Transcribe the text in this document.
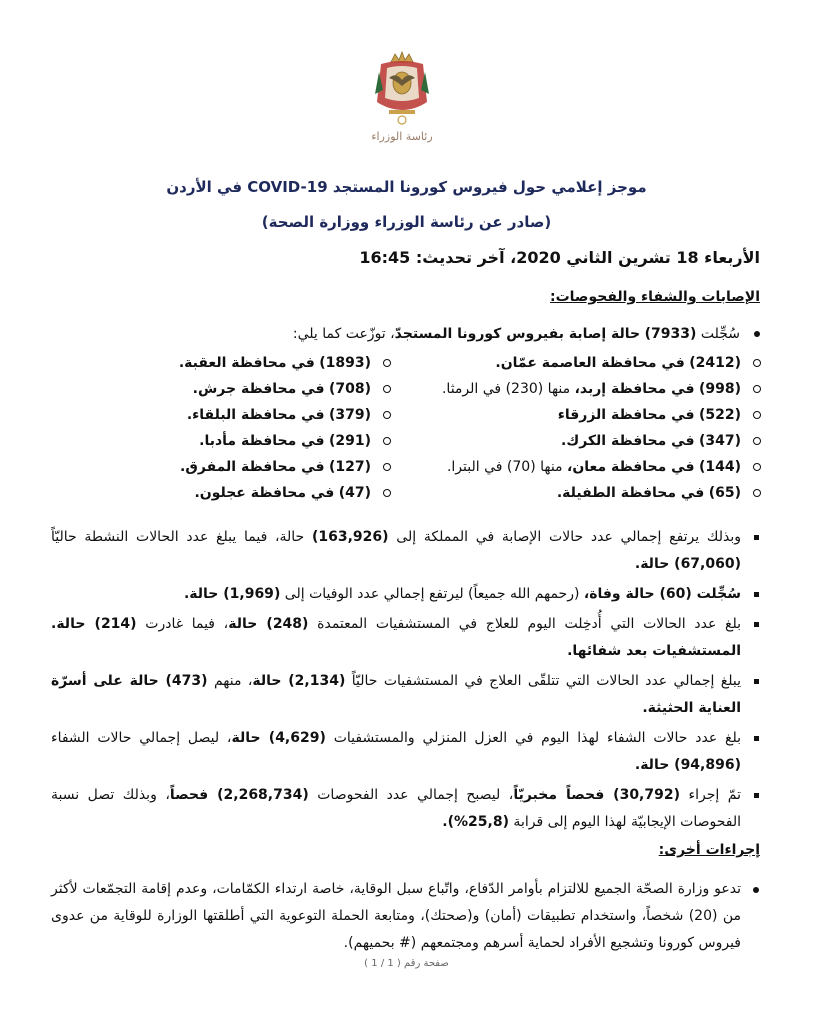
رئاسة الوزراء
موجز إعلامي حول فيروس كورونا المستجد COVID-19 في الأردن
(صادر عن رئاسة الوزراء ووزارة الصحة)
الأربعاء 18 تشرين الثاني 2020، آخر تحديث: 16:45
الإصابات والشفاء والفحوصات:
سُجِّلت (7933) حالة إصابة بفيروس كورونا المستجدّ، توزّعت كما يلي:
(2412) في محافظة العاصمة عمّان.
(1893) في محافظة العقبة.
(998) في محافظة إربد، منها (230) في الرمثا.
(708) في محافظة جرش.
(522) في محافظة الزرقاء
(379) في محافظة البلقاء.
(347) في محافظة الكرك.
(291) في محافظة مأدبا.
(144) في محافظة معان، منها (70) في البترا.
(127) في محافظة المفرق.
(65) في محافظة الطفيلة.
(47) في محافظة عجلون.
وبذلك يرتفع إجمالي عدد حالات الإصابة في المملكة إلى (163,926) حالة، فيما يبلغ عدد الحالات النشطة حاليّاً (67,060) حالة.
سُجِّلت (60) حالة وفاة، (رحمهم الله جميعاً) ليرتفع إجمالي عدد الوفيات إلى (1,969) حالة.
بلغ عدد الحالات التي أُدخِلت اليوم للعلاج في المستشفيات المعتمدة (248) حالة، فيما غادرت (214) حالة. المستشفيات بعد شفائها.
يبلغ إجمالي عدد الحالات التي تتلقّى العلاج في المستشفيات حاليّاً (2,134) حالة، منهم (473) حالة على أسرّة العناية الحثيثة.
بلغ عدد حالات الشفاء لهذا اليوم في العزل المنزلي والمستشفيات (4,629) حالة، ليصل إجمالي حالات الشفاء (94,896) حالة.
تمّ إجراء (30,792) فحصاً مخبريّاً، ليصبح إجمالي عدد الفحوصات (2,268,734) فحصاً، وبذلك تصل نسبة الفحوصات الإيجابيّة لهذا اليوم إلى قرابة (25,8%).
إجراءات أخرى:
تدعو وزارة الصحّة الجميع للالتزام بأوامر الدّفاع، واتّباع سبل الوقاية، خاصة ارتداء الكمّامات، وعدم إقامة التجمّعات لأكثر من (20) شخصاً، واستخدام تطبيقات (أمان) و(صحتك)، ومتابعة الحملة التوعوية التي أطلقتها الوزارة للوقاية من عدوى فيروس كورونا وتشجيع الأفراد لحماية أسرهم ومجتمعهم (# بحميهم).
صفحة رقم ( 1 / 1 )
